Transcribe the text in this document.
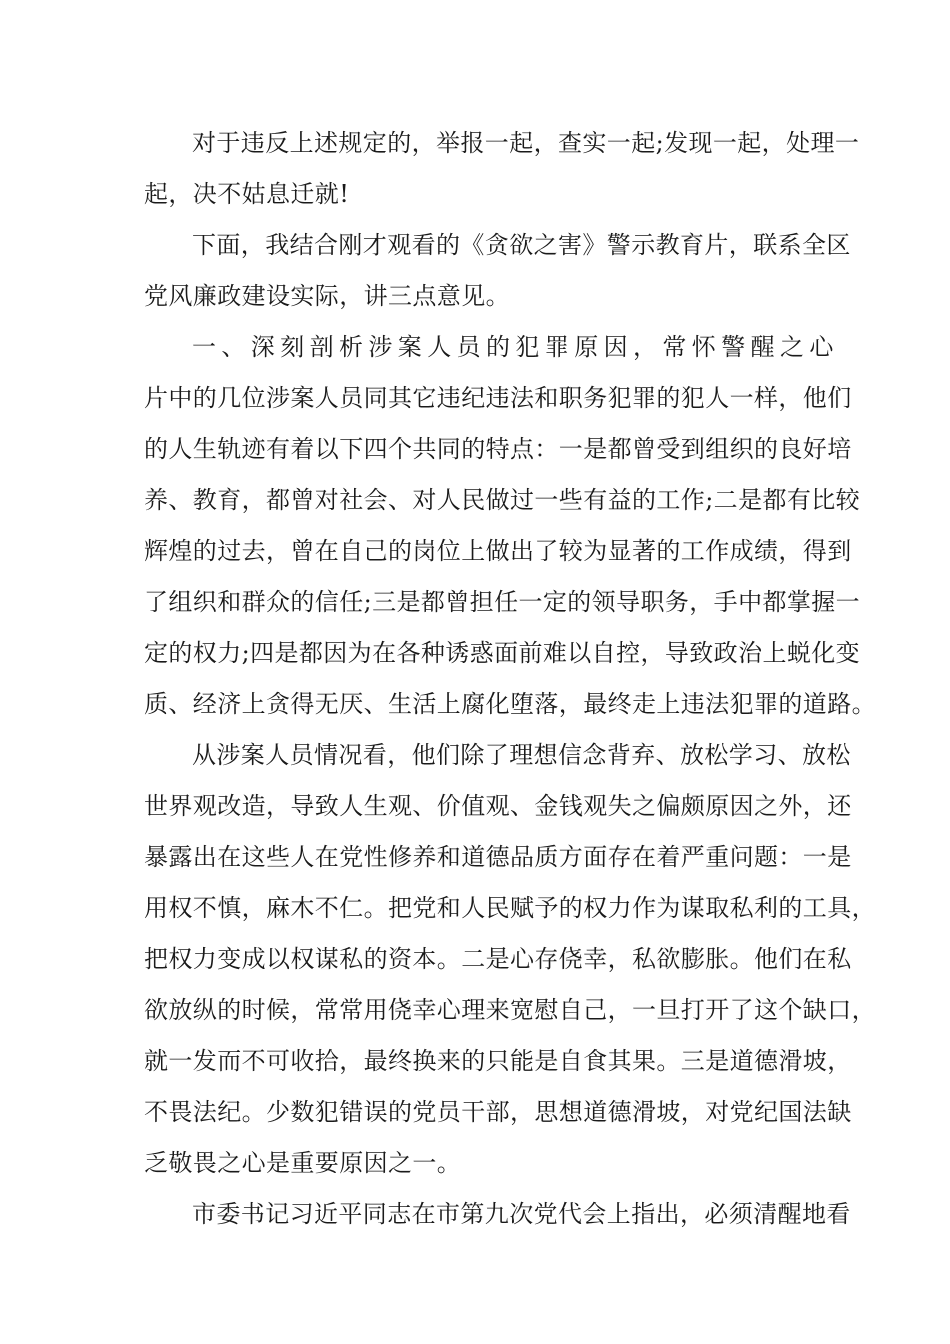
对于违反上述规定的，举报一起，查实一起;发现一起，处理一
起，决不姑息迁就!
下面，我结合刚才观看的《贪欲之害》警示教育片，联系全区
党风廉政建设实际，讲三点意见。
一、深刻剖析涉案人员的犯罪原因，常怀警醒之心
片中的几位涉案人员同其它违纪违法和职务犯罪的犯人一样，他们
的人生轨迹有着以下四个共同的特点：一是都曾受到组织的良好培
养、教育，都曾对社会、对人民做过一些有益的工作;二是都有比较
辉煌的过去，曾在自己的岗位上做出了较为显著的工作成绩，得到
了组织和群众的信任;三是都曾担任一定的领导职务，手中都掌握一
定的权力;四是都因为在各种诱惑面前难以自控，导致政治上蜕化变
质、经济上贪得无厌、生活上腐化堕落，最终走上违法犯罪的道路。
从涉案人员情况看，他们除了理想信念背弃、放松学习、放松
世界观改造，导致人生观、价值观、金钱观失之偏颇原因之外，还
暴露出在这些人在党性修养和道德品质方面存在着严重问题：一是
用权不慎，麻木不仁。把党和人民赋予的权力作为谋取私利的工具，
把权力变成以权谋私的资本。二是心存侥幸，私欲膨胀。他们在私
欲放纵的时候，常常用侥幸心理来宽慰自己，一旦打开了这个缺口，
就一发而不可收拾，最终换来的只能是自食其果。三是道德滑坡，
不畏法纪。少数犯错误的党员干部，思想道德滑坡，对党纪国法缺
乏敬畏之心是重要原因之一。
市委书记习近平同志在市第九次党代会上指出，必须清醒地看
